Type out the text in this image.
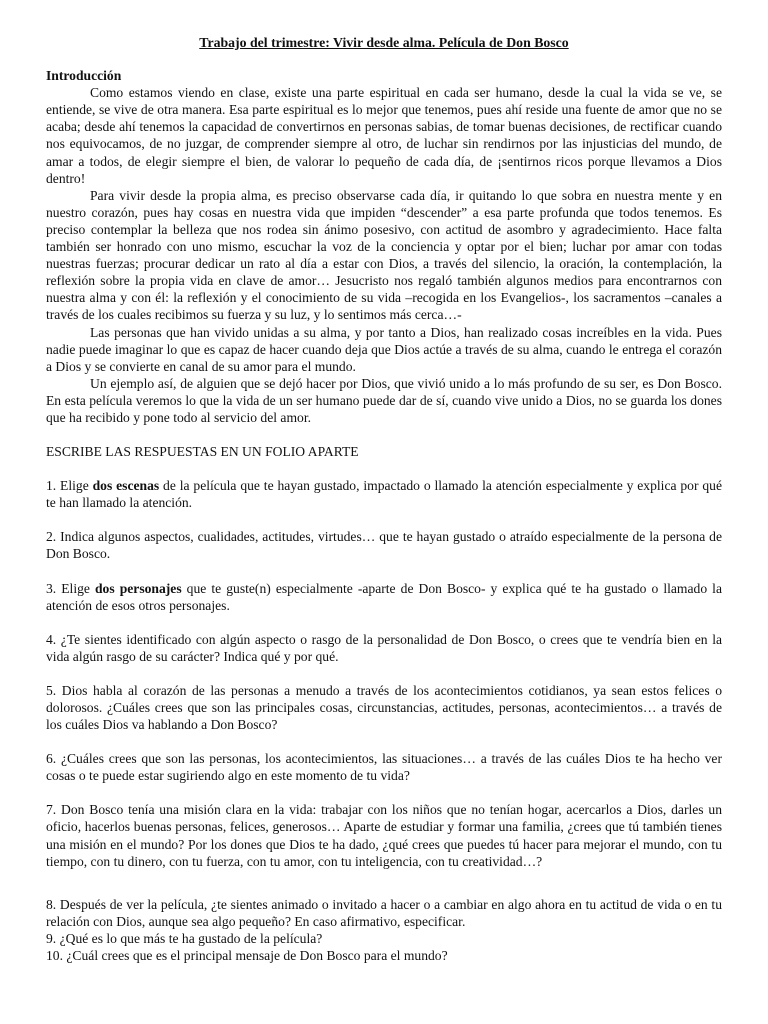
Trabajo del trimestre: Vivir desde alma. Película de Don Bosco

Introducción

Como estamos viendo en clase, existe una parte espiritual en cada ser humano, desde la cual la vida se ve, se entiende, se vive de otra manera. Esa parte espiritual es lo mejor que tenemos, pues ahí reside una fuente de amor que no se acaba; desde ahí tenemos la capacidad de convertirnos en personas sabias, de tomar buenas decisiones, de rectificar cuando nos equivocamos, de no juzgar, de comprender siempre al otro, de luchar sin rendirnos por las injusticias del mundo, de amar a todos, de elegir siempre el bien, de valorar lo pequeño de cada día, de ¡sentirnos ricos porque llevamos a Dios dentro!

Para vivir desde la propia alma, es preciso observarse cada día, ir quitando lo que sobra en nuestra mente y en nuestro corazón, pues hay cosas en nuestra vida que impiden “descender” a esa parte profunda que todos tenemos. Es preciso contemplar la belleza que nos rodea sin ánimo posesivo, con actitud de asombro y agradecimiento. Hace falta también ser honrado con uno mismo, escuchar la voz de la conciencia y optar por el bien; luchar por amar con todas nuestras fuerzas; procurar dedicar un rato al día a estar con Dios, a través del silencio, la oración, la contemplación, la reflexión sobre la propia vida en clave de amor… Jesucristo nos regaló también algunos medios para encontrarnos con nuestra alma y con él: la reflexión y el conocimiento de su vida –recogida en los Evangelios-, los sacramentos –canales a través de los cuales recibimos su fuerza y su luz, y lo sentimos más cerca…-

Las personas que han vivido unidas a su alma, y por tanto a Dios, han realizado cosas increíbles en la vida. Pues nadie puede imaginar lo que es capaz de hacer cuando deja que Dios actúe a través de su alma, cuando le entrega el corazón a Dios y se convierte en canal de su amor para el mundo.

Un ejemplo así, de alguien que se dejó hacer por Dios, que vivió unido a lo más profundo de su ser, es Don Bosco. En esta película veremos lo que la vida de un ser humano puede dar de sí, cuando vive unido a Dios, no se guarda los dones que ha recibido y pone todo al servicio del amor.

ESCRIBE LAS RESPUESTAS EN UN FOLIO APARTE

1. Elige dos escenas de la película que te hayan gustado, impactado o llamado la atención especialmente y explica por qué te han llamado la atención.

2. Indica algunos aspectos, cualidades, actitudes, virtudes… que te hayan gustado o atraído especialmente de la persona de Don Bosco.

3. Elige dos personajes que te guste(n) especialmente -aparte de Don Bosco- y explica qué te ha gustado o llamado la atención de esos otros personajes.

4. ¿Te sientes identificado con algún aspecto o rasgo de la personalidad de Don Bosco, o crees que te vendría bien en la vida algún rasgo de su carácter? Indica qué y por qué.

5. Dios habla al corazón de las personas a menudo a través de los acontecimientos cotidianos, ya sean estos felices o dolorosos. ¿Cuáles crees que son las principales cosas, circunstancias, actitudes, personas, acontecimientos… a través de los cuáles Dios va hablando a Don Bosco?

6. ¿Cuáles crees que son las personas, los acontecimientos, las situaciones… a través de las cuáles Dios te ha hecho ver cosas o te puede estar sugiriendo algo en este momento de tu vida?

7. Don Bosco tenía una misión clara en la vida: trabajar con los niños que no tenían hogar, acercarlos a Dios, darles un oficio, hacerlos buenas personas, felices, generosos… Aparte de estudiar y formar una familia, ¿crees que tú también tienes una misión en el mundo? Por los dones que Dios te ha dado, ¿qué crees que puedes tú hacer para mejorar el mundo, con tu tiempo, con tu dinero, con tu fuerza, con tu amor, con tu inteligencia, con tu creatividad…?

8. Después de ver la película, ¿te sientes animado o invitado a hacer o a cambiar en algo ahora en tu actitud de vida o en tu relación con Dios, aunque sea algo pequeño? En caso afirmativo, especificar.

9. ¿Qué es lo que más te ha gustado de la película?

10. ¿Cuál crees que es el principal mensaje de Don Bosco para el mundo?
